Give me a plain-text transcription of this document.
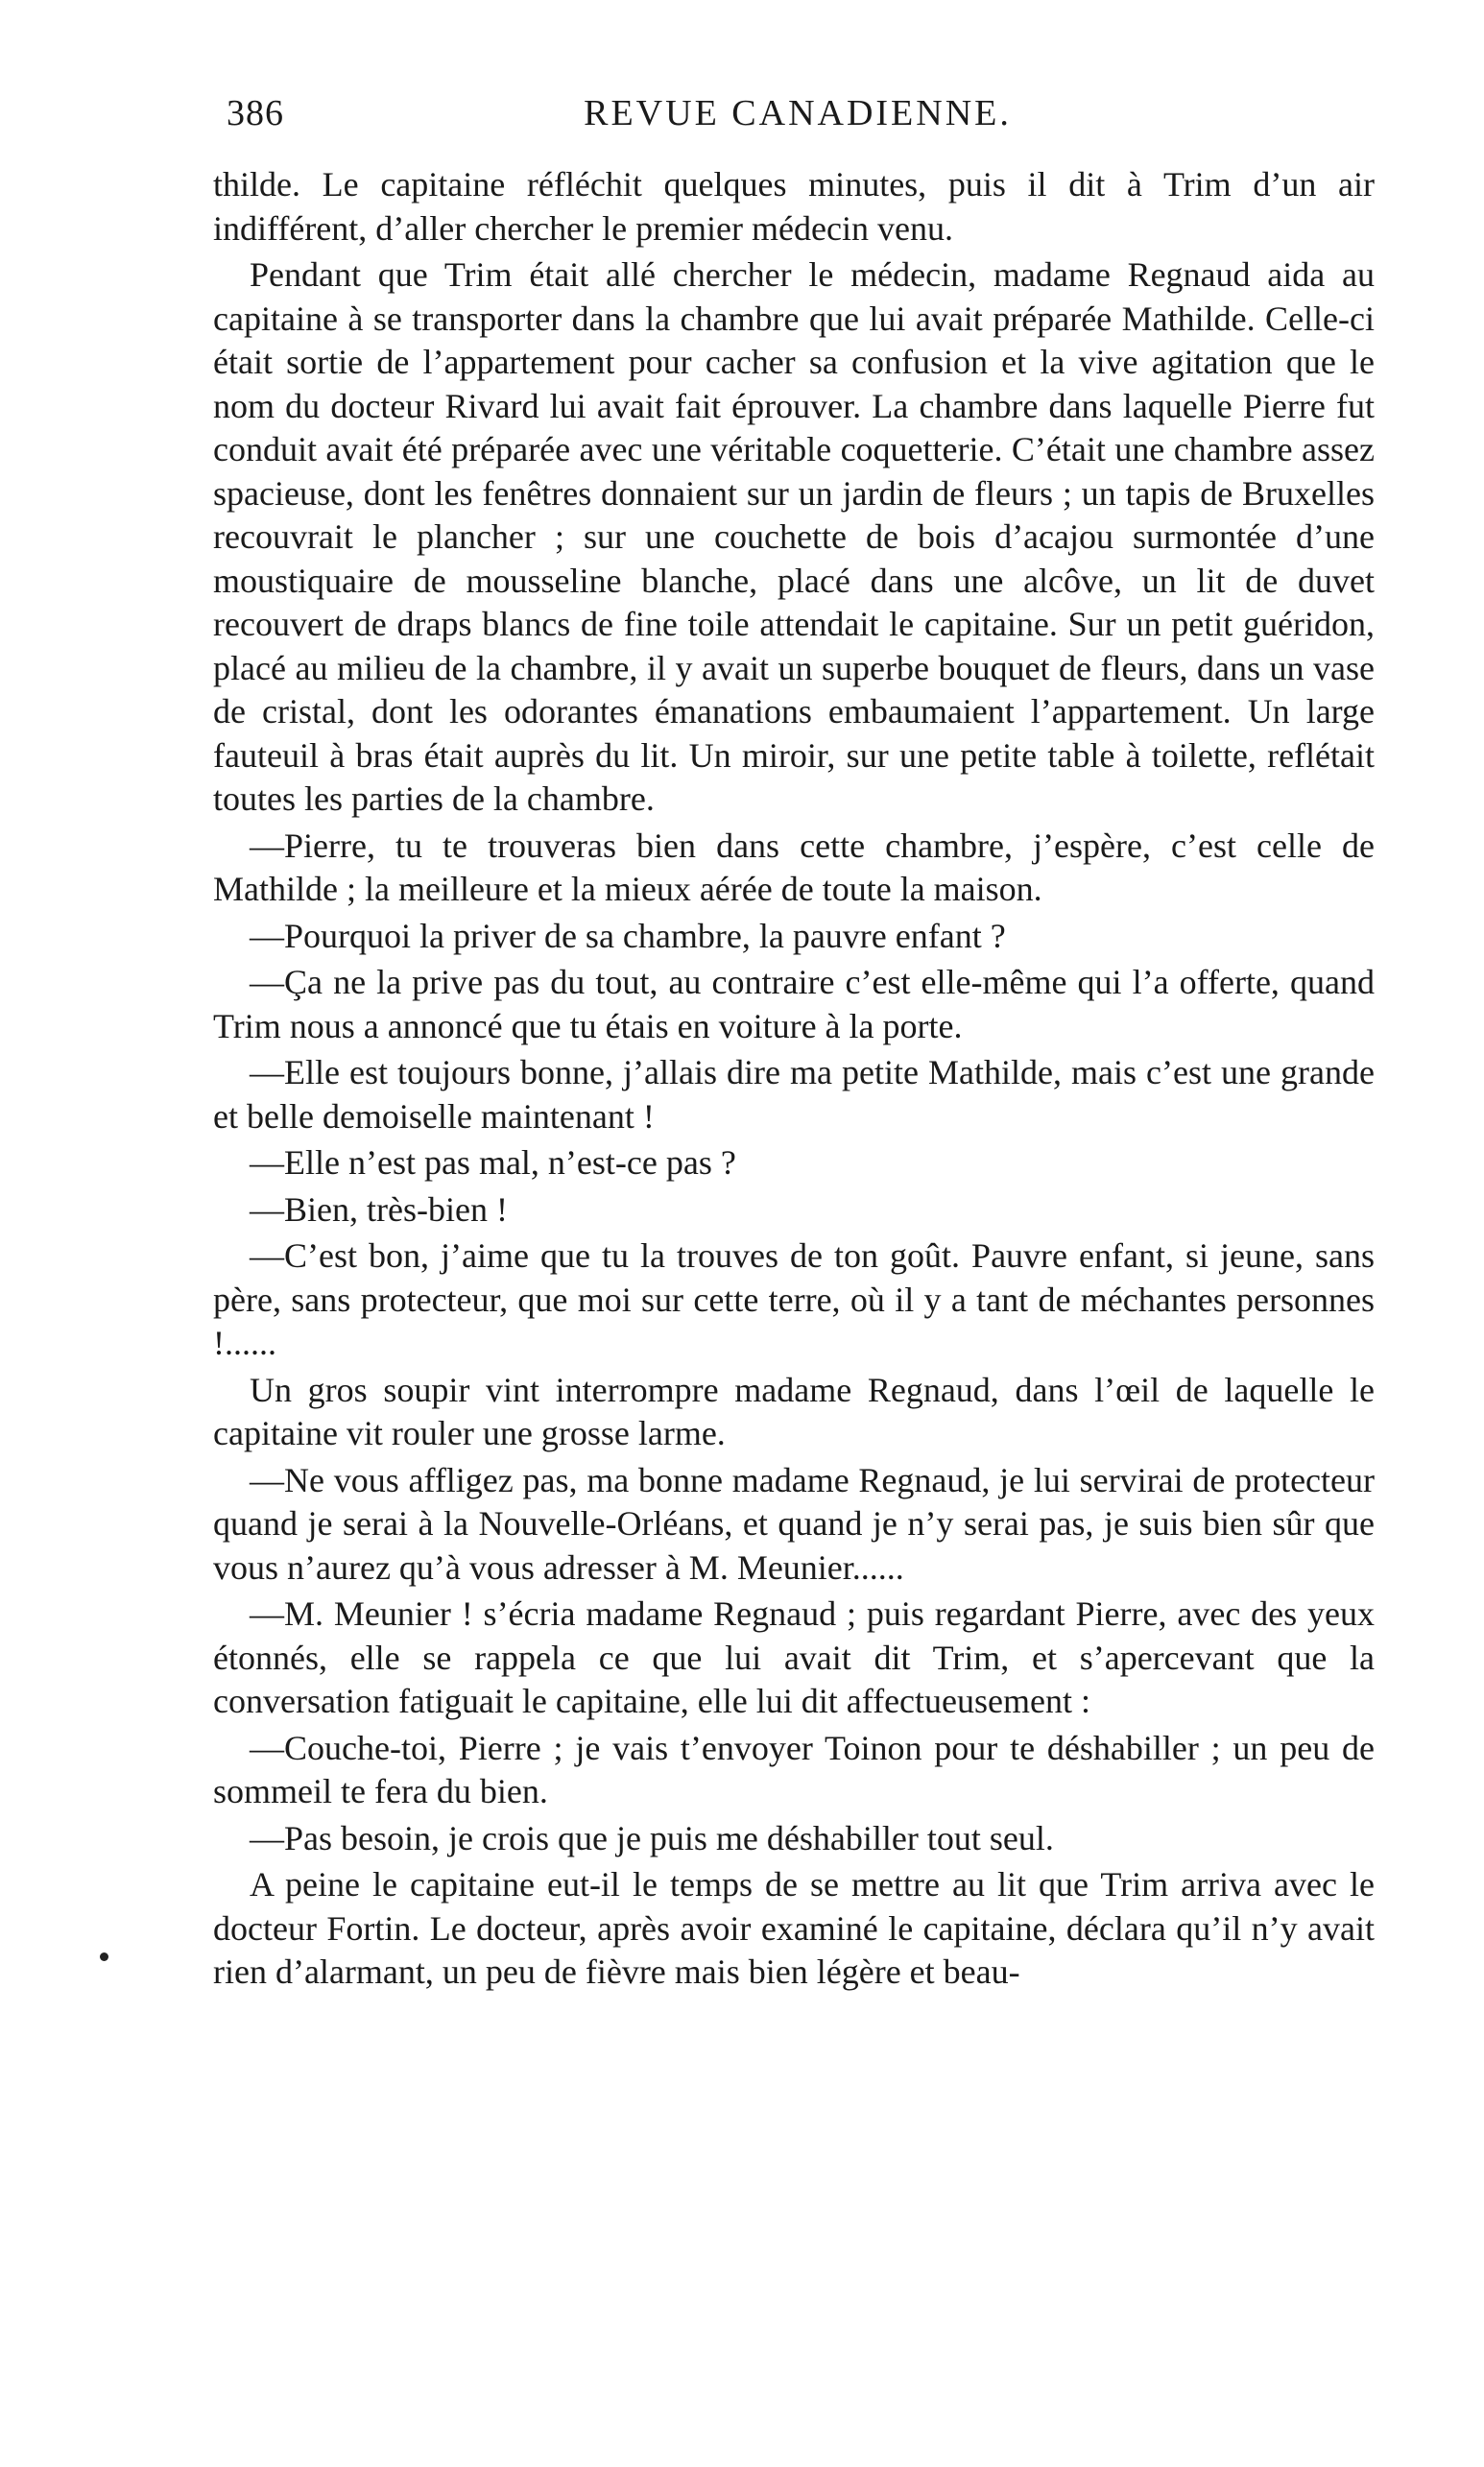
386	REVUE CANADIENNE.

thilde. Le capitaine réfléchit quelques minutes, puis il dit à Trim d’un air indifférent, d’aller chercher le premier médecin venu.

Pendant que Trim était allé chercher le médecin, madame Regnaud aida au capitaine à se transporter dans la chambre que lui avait préparée Mathilde. Celle-ci était sortie de l’appartement pour cacher sa confusion et la vive agitation que le nom du docteur Rivard lui avait fait éprouver. La chambre dans laquelle Pierre fut conduit avait été préparée avec une véritable coquetterie. C’était une chambre assez spacieuse, dont les fenêtres donnaient sur un jardin de fleurs ; un tapis de Bruxelles recouvrait le plancher ; sur une couchette de bois d’acajou surmontée d’une moustiquaire de mousseline blanche, placé dans une alcôve, un lit de duvet recouvert de draps blancs de fine toile attendait le capitaine. Sur un petit guéridon, placé au milieu de la chambre, il y avait un superbe bouquet de fleurs, dans un vase de cristal, dont les odorantes émanations embaumaient l’appartement. Un large fauteuil à bras était auprès du lit. Un miroir, sur une petite table à toilette, reflétait toutes les parties de la chambre.

—Pierre, tu te trouveras bien dans cette chambre, j’espère, c’est celle de Mathilde ; la meilleure et la mieux aérée de toute la maison.

—Pourquoi la priver de sa chambre, la pauvre enfant ?

—Ça ne la prive pas du tout, au contraire c’est elle-même qui l’a offerte, quand Trim nous a annoncé que tu étais en voiture à la porte.

—Elle est toujours bonne, j’allais dire ma petite Mathilde, mais c’est une grande et belle demoiselle maintenant !

—Elle n’est pas mal, n’est-ce pas ?

—Bien, très-bien !

—C’est bon, j’aime que tu la trouves de ton goût. Pauvre enfant, si jeune, sans père, sans protecteur, que moi sur cette terre, où il y a tant de méchantes personnes !......

Un gros soupir vint interrompre madame Regnaud, dans l’œil de laquelle le capitaine vit rouler une grosse larme.

—Ne vous affligez pas, ma bonne madame Regnaud, je lui servirai de protecteur quand je serai à la Nouvelle-Orléans, et quand je n’y serai pas, je suis bien sûr que vous n’aurez qu’à vous adresser à M. Meunier......

—M. Meunier ! s’écria madame Regnaud ; puis regardant Pierre, avec des yeux étonnés, elle se rappela ce que lui avait dit Trim, et s’apercevant que la conversation fatiguait le capitaine, elle lui dit affectueusement :

—Couche-toi, Pierre ; je vais t’envoyer Toinon pour te déshabiller ; un peu de sommeil te fera du bien.

—Pas besoin, je crois que je puis me déshabiller tout seul.

A peine le capitaine eut-il le temps de se mettre au lit que Trim arriva avec le docteur Fortin. Le docteur, après avoir examiné le capitaine, déclara qu’il n’y avait rien d’alarmant, un peu de fièvre mais bien légère et beau-
